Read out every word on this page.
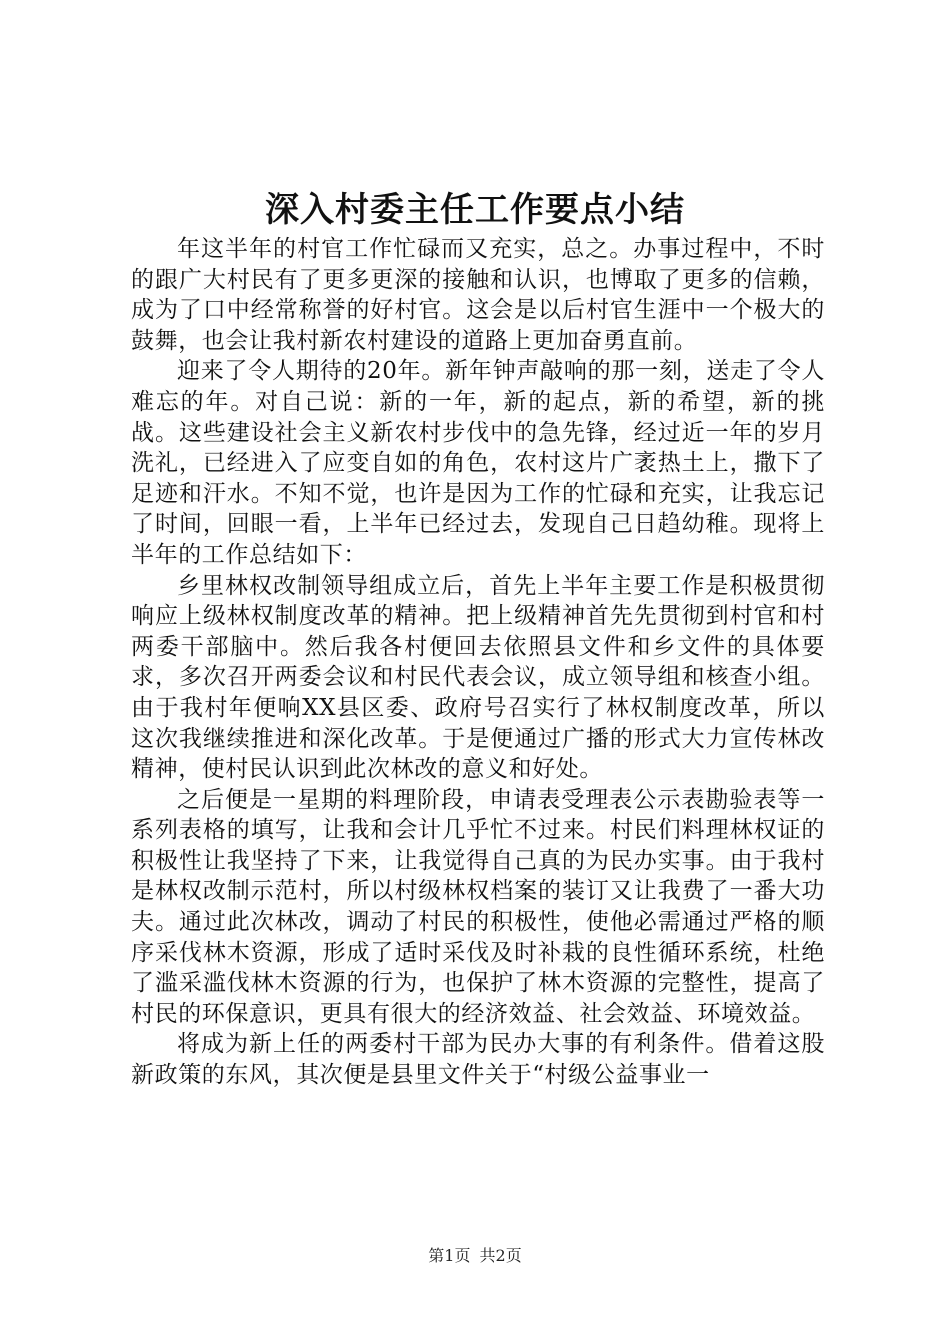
深入村委主任工作要点小结

年这半年的村官工作忙碌而又充实，总之。办事过程中，不时的跟广大村民有了更多更深的接触和认识，也博取了更多的信赖，成为了口中经常称誉的好村官。这会是以后村官生涯中一个极大的鼓舞，也会让我村新农村建设的道路上更加奋勇直前。

迎来了令人期待的20年。新年钟声敲响的那一刻，送走了令人难忘的年。对自己说：新的一年，新的起点，新的希望，新的挑战。这些建设社会主义新农村步伐中的急先锋，经过近一年的岁月洗礼，已经进入了应变自如的角色，农村这片广袤热土上，撒下了足迹和汗水。不知不觉，也许是因为工作的忙碌和充实，让我忘记了时间，回眼一看，上半年已经过去，发现自己日趋幼稚。现将上半年的工作总结如下：

乡里林权改制领导组成立后，首先上半年主要工作是积极贯彻响应上级林权制度改革的精神。把上级精神首先先贯彻到村官和村两委干部脑中。然后我各村便回去依照县文件和乡文件的具体要求，多次召开两委会议和村民代表会议，成立领导组和核查小组。由于我村年便响XX县区委、政府号召实行了林权制度改革，所以这次我继续推进和深化改革。于是便通过广播的形式大力宣传林改精神，使村民认识到此次林改的意义和好处。

之后便是一星期的料理阶段，申请表受理表公示表勘验表等一系列表格的填写，让我和会计几乎忙不过来。村民们料理林权证的积极性让我坚持了下来，让我觉得自己真的为民办实事。由于我村是林权改制示范村，所以村级林权档案的装订又让我费了一番大功夫。通过此次林改，调动了村民的积极性，使他必需通过严格的顺序采伐林木资源，形成了适时采伐及时补栽的良性循环系统，杜绝了滥采滥伐林木资源的行为，也保护了林木资源的完整性，提高了村民的环保意识，更具有很大的经济效益、社会效益、环境效益。

将成为新上任的两委村干部为民办大事的有利条件。借着这股新政策的东风，其次便是县里文件关于“村级公益事业一

第1页 共2页
